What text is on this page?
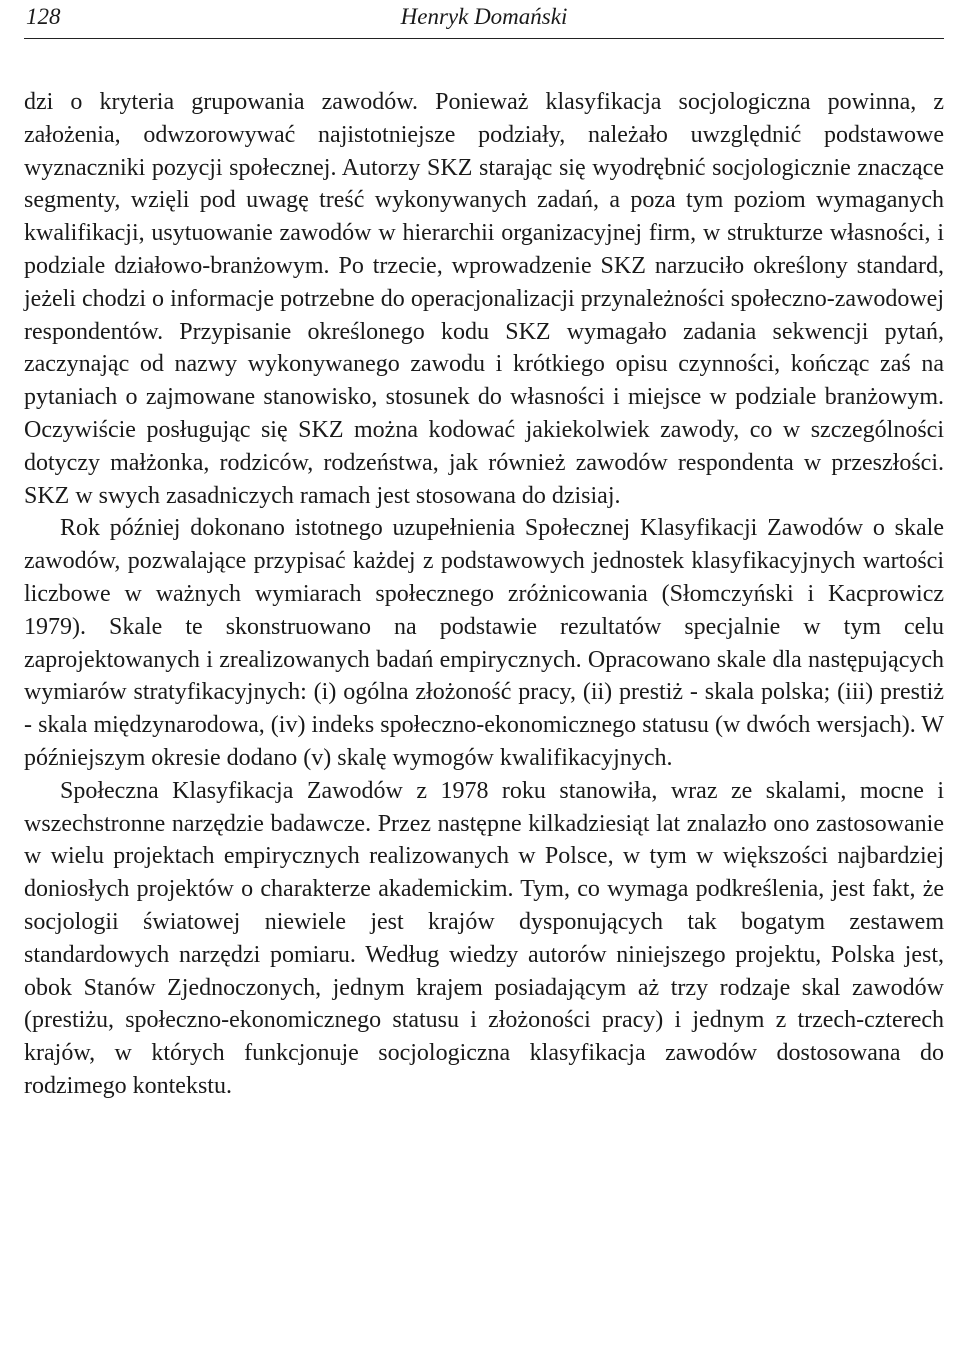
128	Henryk Domański

dzi o kryteria grupowania zawodów. Ponieważ klasyfikacja socjologiczna powinna, z założenia, odwzorowywać najistotniejsze podziały, należało uwzględnić podstawowe wyznaczniki pozycji społecznej. Autorzy SKZ starając się wyodrębnić socjologicznie znaczące segmenty, wzięli pod uwagę treść wykonywanych zadań, a poza tym poziom wymaganych kwalifikacji, usytuowanie zawodów w hierarchii organizacyjnej firm, w strukturze własności, i podziale działowo-branżowym. Po trzecie, wprowadzenie SKZ narzuciło określony standard, jeżeli chodzi o informacje potrzebne do operacjonalizacji przynależności społeczno-zawodowej respondentów. Przypisanie określonego kodu SKZ wymagało zadania sekwencji pytań, zaczynając od nazwy wykonywanego zawodu i krótkiego opisu czynności, kończąc zaś na pytaniach o zajmowane stanowisko, stosunek do własności i miejsce w podziale branżowym. Oczywiście posługując się SKZ można kodować jakiekolwiek zawody, co w szczególności dotyczy małżonka, rodziców, rodzeństwa, jak również zawodów respondenta w przeszłości. SKZ w swych zasadniczych ramach jest stosowana do dzisiaj.

Rok później dokonano istotnego uzupełnienia Społecznej Klasyfikacji Zawodów o skale zawodów, pozwalające przypisać każdej z podstawowych jednostek klasyfikacyjnych wartości liczbowe w ważnych wymiarach społecznego zróżnicowania (Słomczyński i Kacprowicz 1979). Skale te skonstruowano na podstawie rezultatów specjalnie w tym celu zaprojektowanych i zrealizowanych badań empirycznych. Opracowano skale dla następujących wymiarów stratyfikacyjnych: (i) ogólna złożoność pracy, (ii) prestiż - skala polska; (iii) prestiż - skala międzynarodowa, (iv) indeks społeczno-ekonomicznego statusu (w dwóch wersjach). W późniejszym okresie dodano (v) skalę wymogów kwalifikacyjnych.

Społeczna Klasyfikacja Zawodów z 1978 roku stanowiła, wraz ze skalami, mocne i wszechstronne narzędzie badawcze. Przez następne kilkadziesiąt lat znalazło ono zastosowanie w wielu projektach empirycznych realizowanych w Polsce, w tym w większości najbardziej doniosłych projektów o charakterze akademickim. Tym, co wymaga podkreślenia, jest fakt, że socjologii światowej niewiele jest krajów dysponujących tak bogatym zestawem standardowych narzędzi pomiaru. Według wiedzy autorów niniejszego projektu, Polska jest, obok Stanów Zjednoczonych, jednym krajem posiadającym aż trzy rodzaje skal zawodów (prestiżu, społeczno-ekonomicznego statusu i złożoności pracy) i jednym z trzech-czterech krajów, w których funkcjonuje socjologiczna klasyfikacja zawodów dostosowana do rodzimego kontekstu.
